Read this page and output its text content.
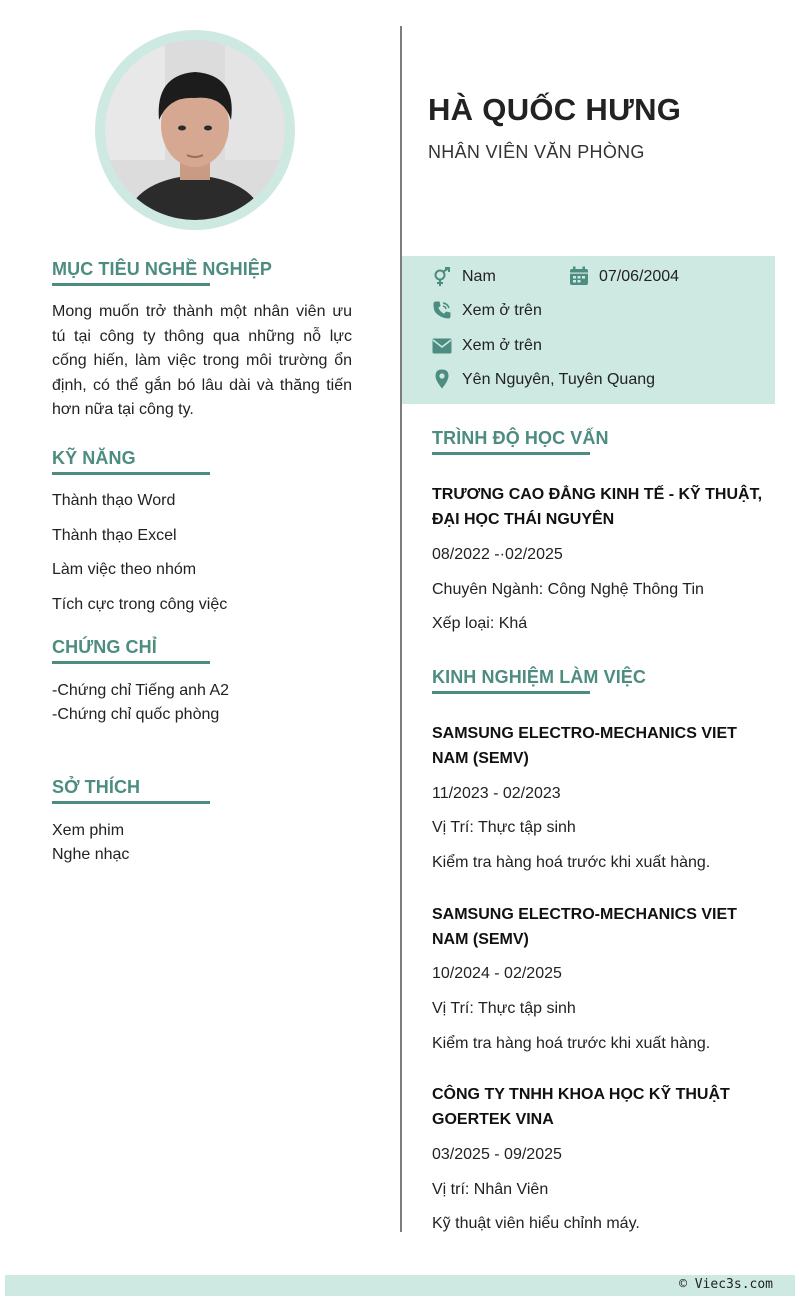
MỤC TIÊU NGHỀ NGHIỆP
Mong muốn trở thành một nhân viên ưu tú tại công ty thông qua những nỗ lực cống hiến, làm việc trong môi trường ổn định, có thể gắn bó lâu dài và thăng tiến hơn nữa tại công ty.
KỸ NĂNG
Thành thạo Word
Thành thạo Excel
Làm việc theo nhóm
Tích cực trong công việc
CHỨNG CHỈ
-Chứng chỉ Tiếng anh A2
-Chứng chỉ quốc phòng
SỞ THÍCH
Xem phim
Nghe nhạc
HÀ QUỐC HƯNG
NHÂN VIÊN VĂN PHÒNG
Nam	07/06/2004
Xem ở trên
Xem ở trên
Yên Nguyên, Tuyên Quang
TRÌNH ĐỘ HỌC VẤN
TRƯƠNG CAO ĐẲNG KINH TẾ - KỸ THUẬT, ĐẠI HỌC THÁI NGUYÊN
08/2022 -·02/2025
Chuyên Ngành: Công Nghệ Thông Tin
Xếp loại: Khá
KINH NGHIỆM LÀM VIỆC
SAMSUNG ELECTRO-MECHANICS VIET NAM (SEMV)
11/2023 - 02/2023
Vị Trí: Thực tập sinh
Kiểm tra hàng hoá trước khi xuất hàng.
SAMSUNG ELECTRO-MECHANICS VIET NAM (SEMV)
10/2024 - 02/2025
Vị Trí: Thực tập sinh
Kiểm tra hàng hoá trước khi xuất hàng.
CÔNG TY TNHH KHOA HỌC KỸ THUẬT GOERTEK VINA
03/2025 - 09/2025
Vị trí: Nhân Viên
Kỹ thuật viên hiểu chỉnh máy.
© Viec3s.com
